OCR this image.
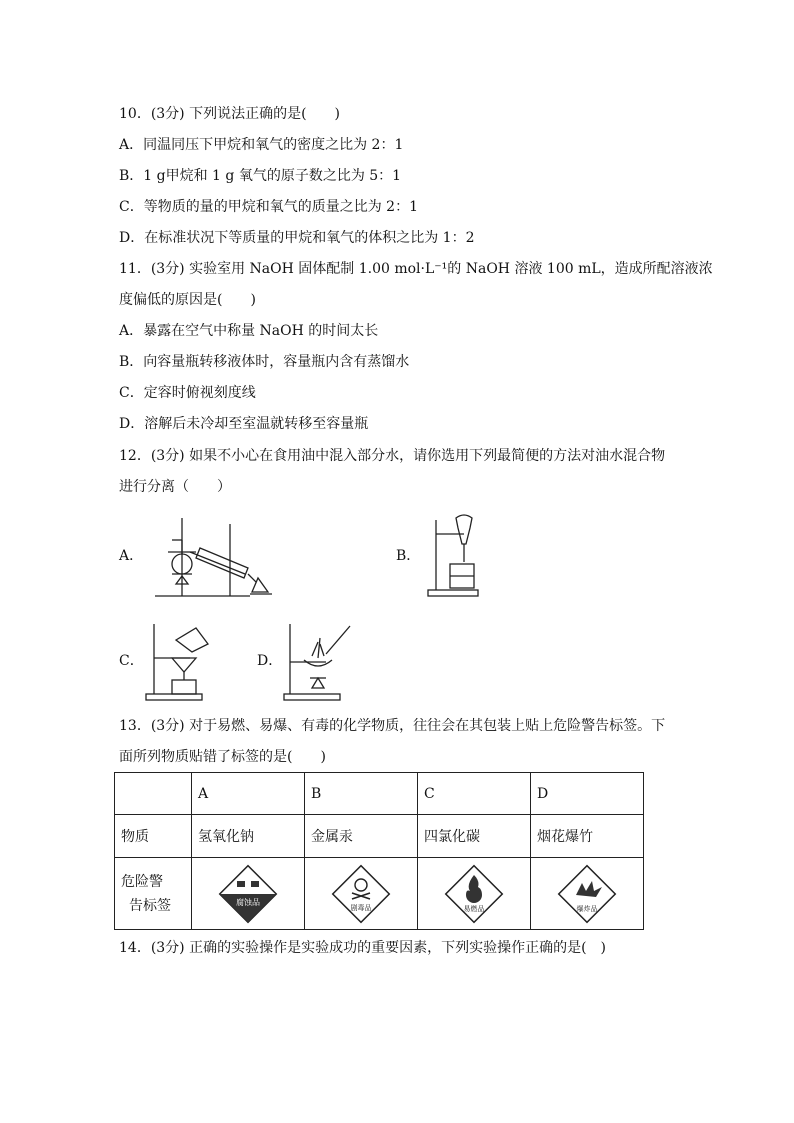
10．(3分) 下列说法正确的是(　　)
A．同温同压下甲烷和氧气的密度之比为 2：1
B．1 g甲烷和 1 g 氧气的原子数之比为 5：1
C．等物质的量的甲烷和氧气的质量之比为 2：1
D．在标准状况下等质量的甲烷和氧气的体积之比为 1：2
11．(3分) 实验室用 NaOH 固体配制 1.00 mol·L⁻¹的 NaOH 溶液 100 mL，造成所配溶液浓
度偏低的原因是(　　)
A．暴露在空气中称量 NaOH 的时间太长
B．向容量瓶转移液体时，容量瓶内含有蒸馏水
C．定容时俯视刻度线
D．溶解后未冷却至室温就转移至容量瓶
12．(3分) 如果不小心在食用油中混入部分水，请你选用下列最简便的方法对油水混合物
进行分离（　　）
A．	B．
C．	D．
13．(3分) 对于易燃、易爆、有毒的化学物质，往往会在其包装上贴上危险警告标签。下
面所列物质贴错了标签的是(　　)
	A	B	C	D
物质	氢氧化钠	金属汞	四氯化碳	烟花爆竹
危险警
告标签	腐蚀品	剧毒品	易燃品	爆炸品
14．(3分) 正确的实验操作是实验成功的重要因素，下列实验操作正确的是(　)
